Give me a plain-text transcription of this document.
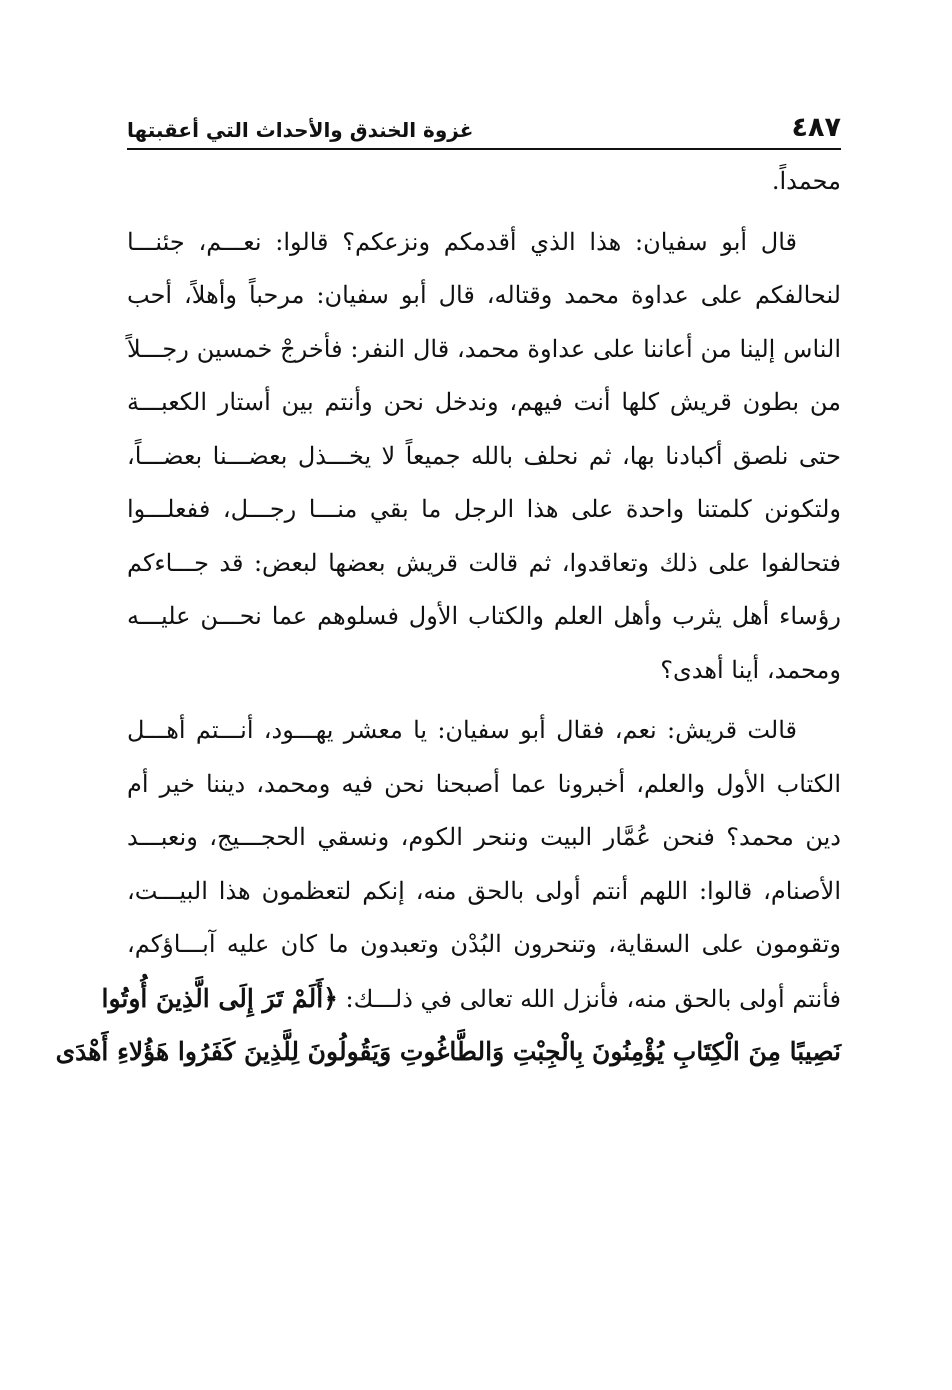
٤٨٧
غزوة الخندق والأحداث التي أعقبتها
محمداً.
قال أبو سفيان: هذا الذي أقدمكم ونزعكم؟ قالوا: نعـــم، جئنـــا
لنحالفكم على عداوة محمد وقتاله، قال أبو سفيان: مرحباً وأهلاً، أحب
الناس إلينا من أعاننا على عداوة محمد، قال النفر: فأخرجْ خمسين رجـــلاً
من بطون قريش كلها أنت فيهم، وندخل نحن وأنتم بين أستار الكعبـــة
حتى نلصق أكبادنا بها، ثم نحلف بالله جميعاً لا يخـــذل بعضـــنا بعضـــاً،
ولتكونن كلمتنا واحدة على هذا الرجل ما بقي منـــا رجـــل، ففعلـــوا
فتحالفوا على ذلك وتعاقدوا، ثم قالت قريش بعضها لبعض: قد جـــاءكم
رؤساء أهل يثرب وأهل العلم والكتاب الأول فسلوهم عما نحـــن عليـــه
ومحمد، أينا أهدى؟
قالت قريش: نعم، فقال أبو سفيان: يا معشر يهـــود، أنـــتم أهـــل
الكتاب الأول والعلم، أخبرونا عما أصبحنا نحن فيه ومحمد، ديننا خير أم
دين محمد؟ فنحن عُمَّار البيت وننحر الكوم، ونسقي الحجـــيج، ونعبـــد
الأصنام، قالوا: اللهم أنتم أولى بالحق منه، إنكم لتعظمون هذا البيـــت،
وتقومون على السقاية، وتنحرون البُدْن وتعبدون ما كان عليه آبـــاؤكم،
فأنتم أولى بالحق منه، فأنزل الله تعالى في ذلـــك: ﴿أَلَمْ تَرَ إِلَى الَّذِينَ أُوتُوا
نَصِيبًا مِنَ الْكِتَابِ يُؤْمِنُونَ بِالْجِبْتِ وَالطَّاغُوتِ وَيَقُولُونَ لِلَّذِينَ كَفَرُوا هَؤُلاءِ أَهْدَى
